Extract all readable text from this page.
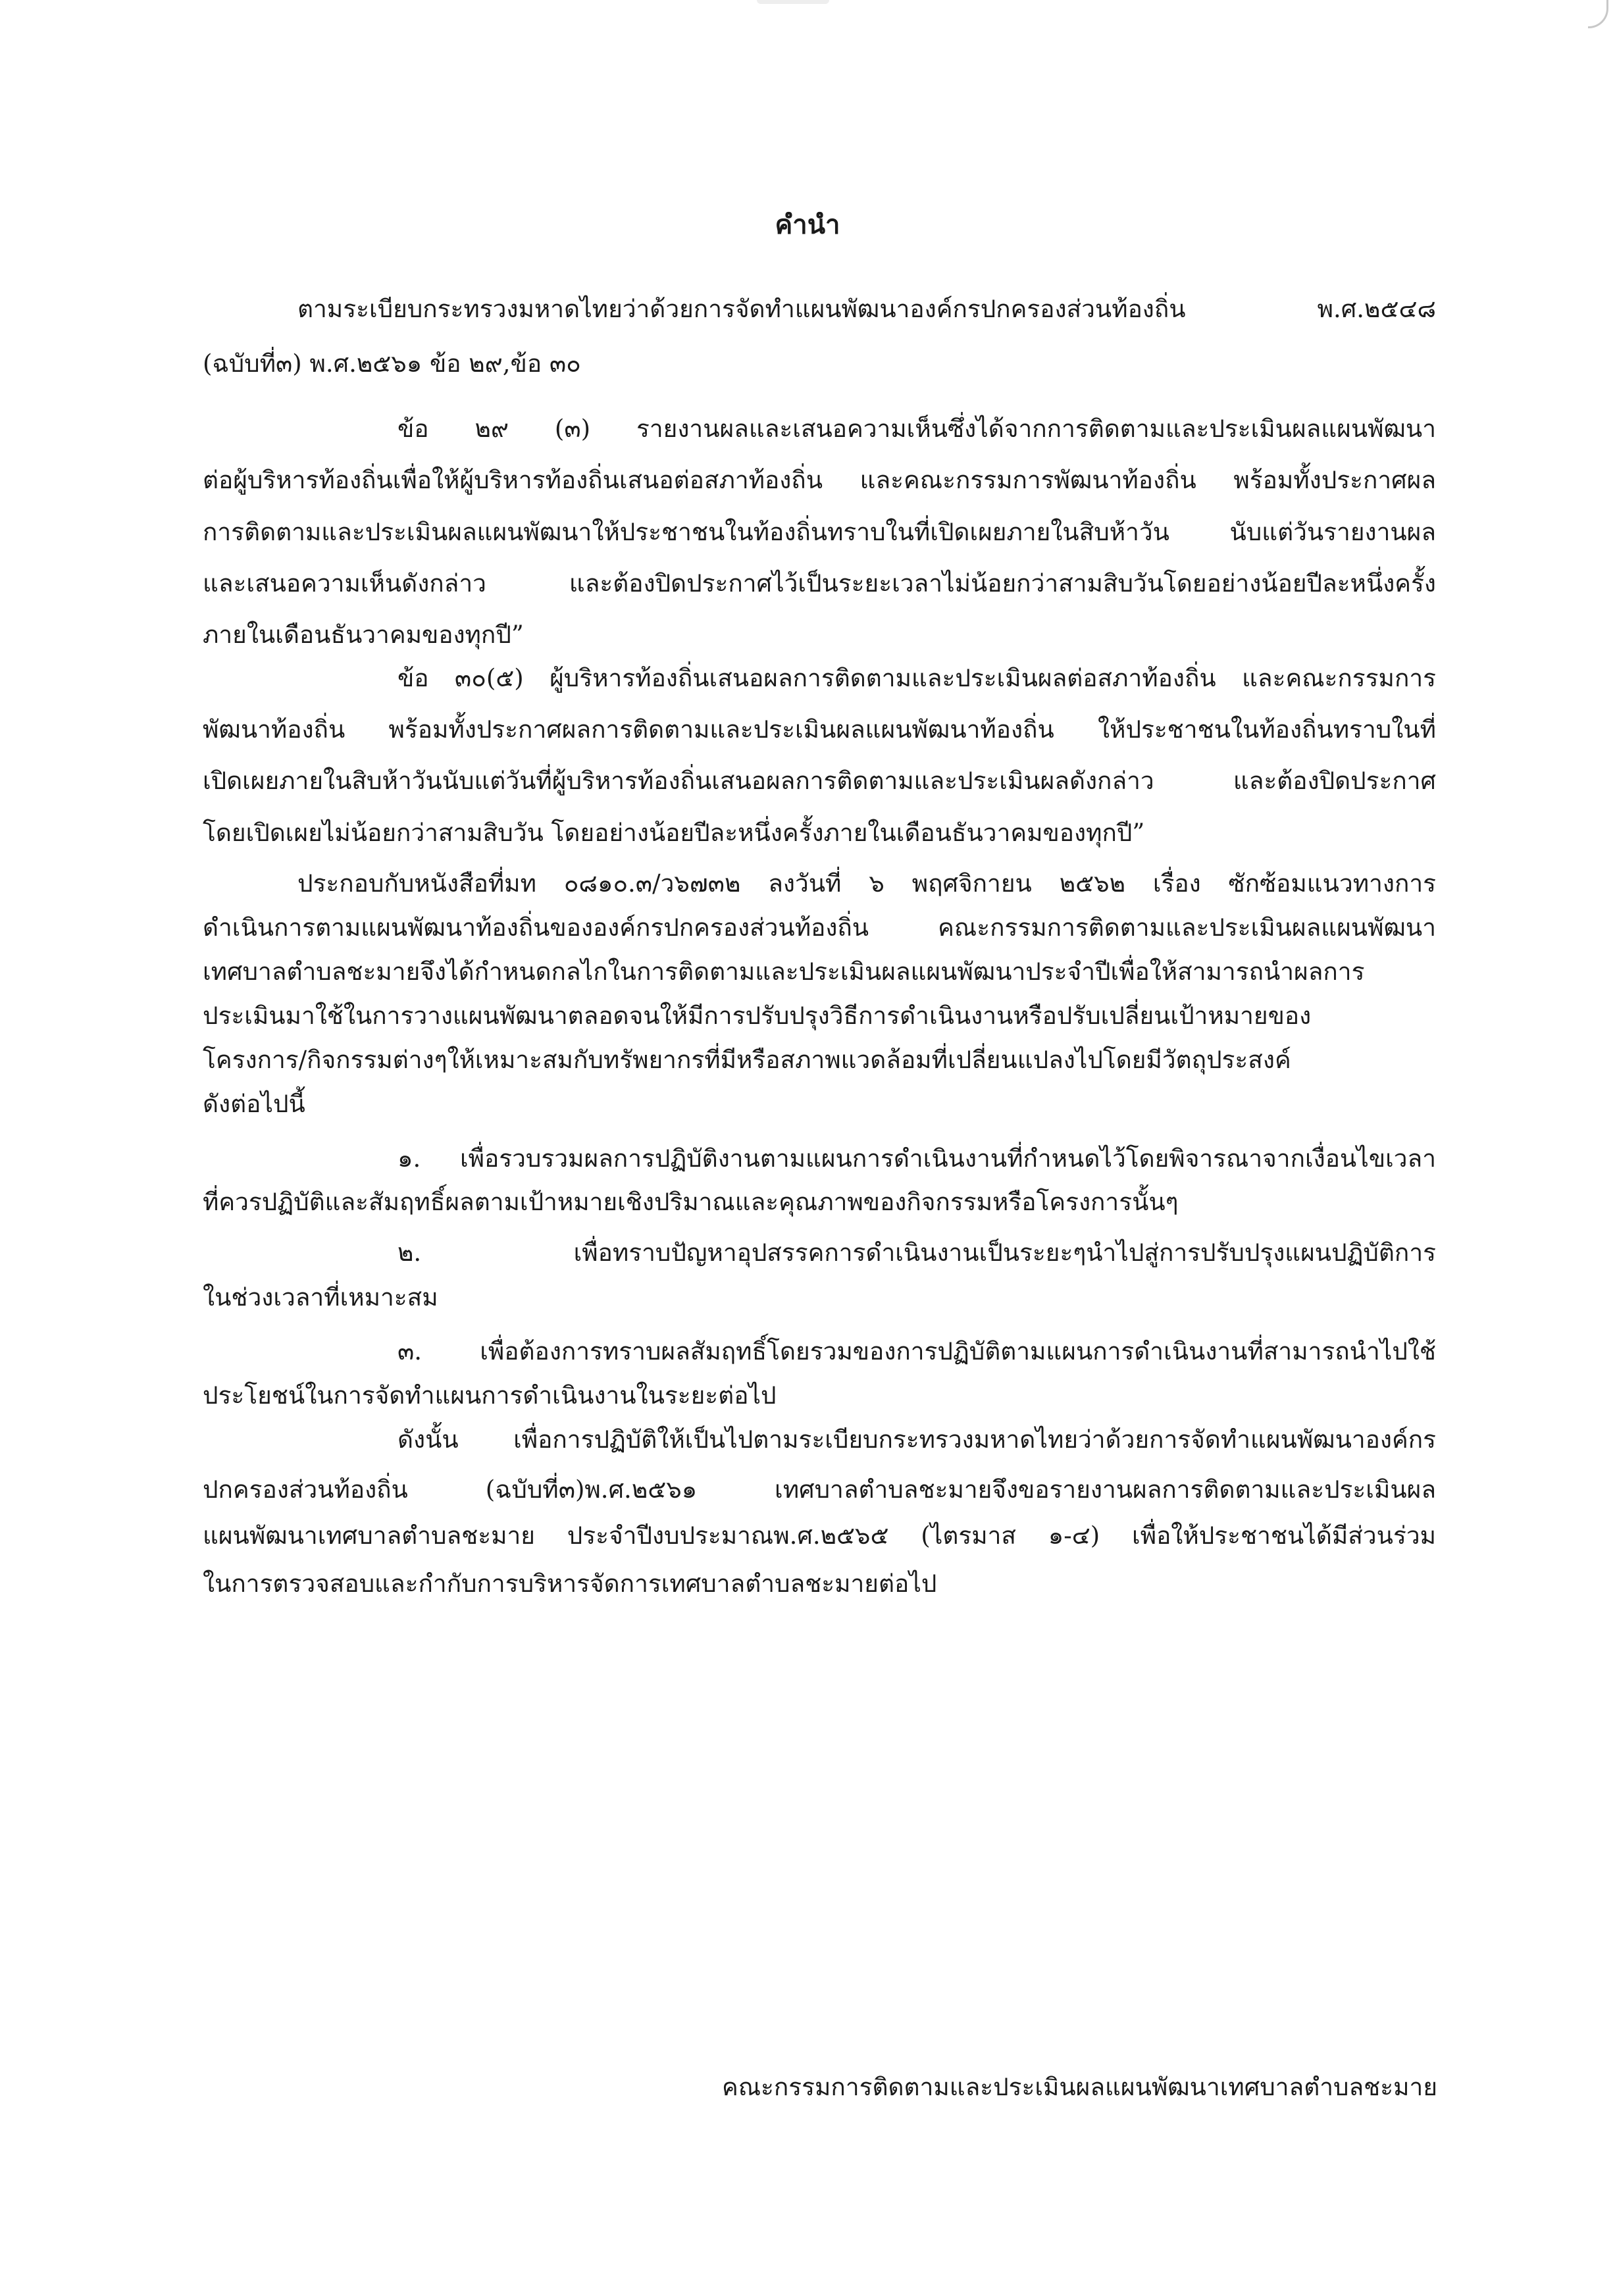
คำนำ

ตามระเบียบกระทรวงมหาดไทยว่าด้วยการจัดทำแผนพัฒนาองค์กรปกครองส่วนท้องถิ่น พ.ศ.๒๕๔๘

(ฉบับที่๓) พ.ศ.๒๕๖๑ ข้อ ๒๙,ข้อ ๓๐

ข้อ ๒๙ (๓) รายงานผลและเสนอความเห็นซึ่งได้จากการติดตามและประเมินผลแผนพัฒนา

ต่อผู้บริหารท้องถิ่นเพื่อให้ผู้บริหารท้องถิ่นเสนอต่อสภาท้องถิ่น และคณะกรรมการพัฒนาท้องถิ่น พร้อมทั้งประกาศผล

การติดตามและประเมินผลแผนพัฒนาให้ประชาชนในท้องถิ่นทราบในที่เปิดเผยภายในสิบห้าวัน นับแต่วันรายงานผล

และเสนอความเห็นดังกล่าว และต้องปิดประกาศไว้เป็นระยะเวลาไม่น้อยกว่าสามสิบวันโดยอย่างน้อยปีละหนึ่งครั้ง

ภายในเดือนธันวาคมของทุกปี”

ข้อ ๓๐(๕) ผู้บริหารท้องถิ่นเสนอผลการติดตามและประเมินผลต่อสภาท้องถิ่น และคณะกรรมการ

พัฒนาท้องถิ่น พร้อมทั้งประกาศผลการติดตามและประเมินผลแผนพัฒนาท้องถิ่น ให้ประชาชนในท้องถิ่นทราบในที่

เปิดเผยภายในสิบห้าวันนับแต่วันที่ผู้บริหารท้องถิ่นเสนอผลการติดตามและประเมินผลดังกล่าว และต้องปิดประกาศ

โดยเปิดเผยไม่น้อยกว่าสามสิบวัน โดยอย่างน้อยปีละหนึ่งครั้งภายในเดือนธันวาคมของทุกปี”

ประกอบกับหนังสือที่มท ๐๘๑๐.๓/ว๖๗๓๒ ลงวันที่ ๖ พฤศจิกายน ๒๕๖๒ เรื่อง ซักซ้อมแนวทางการ

ดำเนินการตามแผนพัฒนาท้องถิ่นขององค์กรปกครองส่วนท้องถิ่น คณะกรรมการติดตามและประเมินผลแผนพัฒนา

เทศบาลตำบลชะมายจึงได้กำหนดกลไกในการติดตามและประเมินผลแผนพัฒนาประจำปีเพื่อให้สามารถนำผลการ

ประเมินมาใช้ในการวางแผนพัฒนาตลอดจนให้มีการปรับปรุงวิธีการดำเนินงานหรือปรับเปลี่ยนเป้าหมายของ

โครงการ/กิจกรรมต่างๆให้เหมาะสมกับทรัพยากรที่มีหรือสภาพแวดล้อมที่เปลี่ยนแปลงไปโดยมีวัตถุประสงค์

ดังต่อไปนี้

๑. เพื่อรวบรวมผลการปฏิบัติงานตามแผนการดำเนินงานที่กำหนดไว้โดยพิจารณาจากเงื่อนไขเวลา

ที่ควรปฏิบัติและสัมฤทธิ์ผลตามเป้าหมายเชิงปริมาณและคุณภาพของกิจกรรมหรือโครงการนั้นๆ

๒. เพื่อทราบปัญหาอุปสรรคการดำเนินงานเป็นระยะๆนำไปสู่การปรับปรุงแผนปฏิบัติการ

ในช่วงเวลาที่เหมาะสม

๓. เพื่อต้องการทราบผลสัมฤทธิ์โดยรวมของการปฏิบัติตามแผนการดำเนินงานที่สามารถนำไปใช้

ประโยชน์ในการจัดทำแผนการดำเนินงานในระยะต่อไป

ดังนั้น เพื่อการปฏิบัติให้เป็นไปตามระเบียบกระทรวงมหาดไทยว่าด้วยการจัดทำแผนพัฒนาองค์กร

ปกครองส่วนท้องถิ่น (ฉบับที่๓)พ.ศ.๒๕๖๑ เทศบาลตำบลชะมายจึงขอรายงานผลการติดตามและประเมินผล

แผนพัฒนาเทศบาลตำบลชะมาย ประจำปีงบประมาณพ.ศ.๒๕๖๕ (ไตรมาส ๑-๔) เพื่อให้ประชาชนได้มีส่วนร่วม

ในการตรวจสอบและกำกับการบริหารจัดการเทศบาลตำบลชะมายต่อไป

คณะกรรมการติดตามและประเมินผลแผนพัฒนาเทศบาลตำบลชะมาย
